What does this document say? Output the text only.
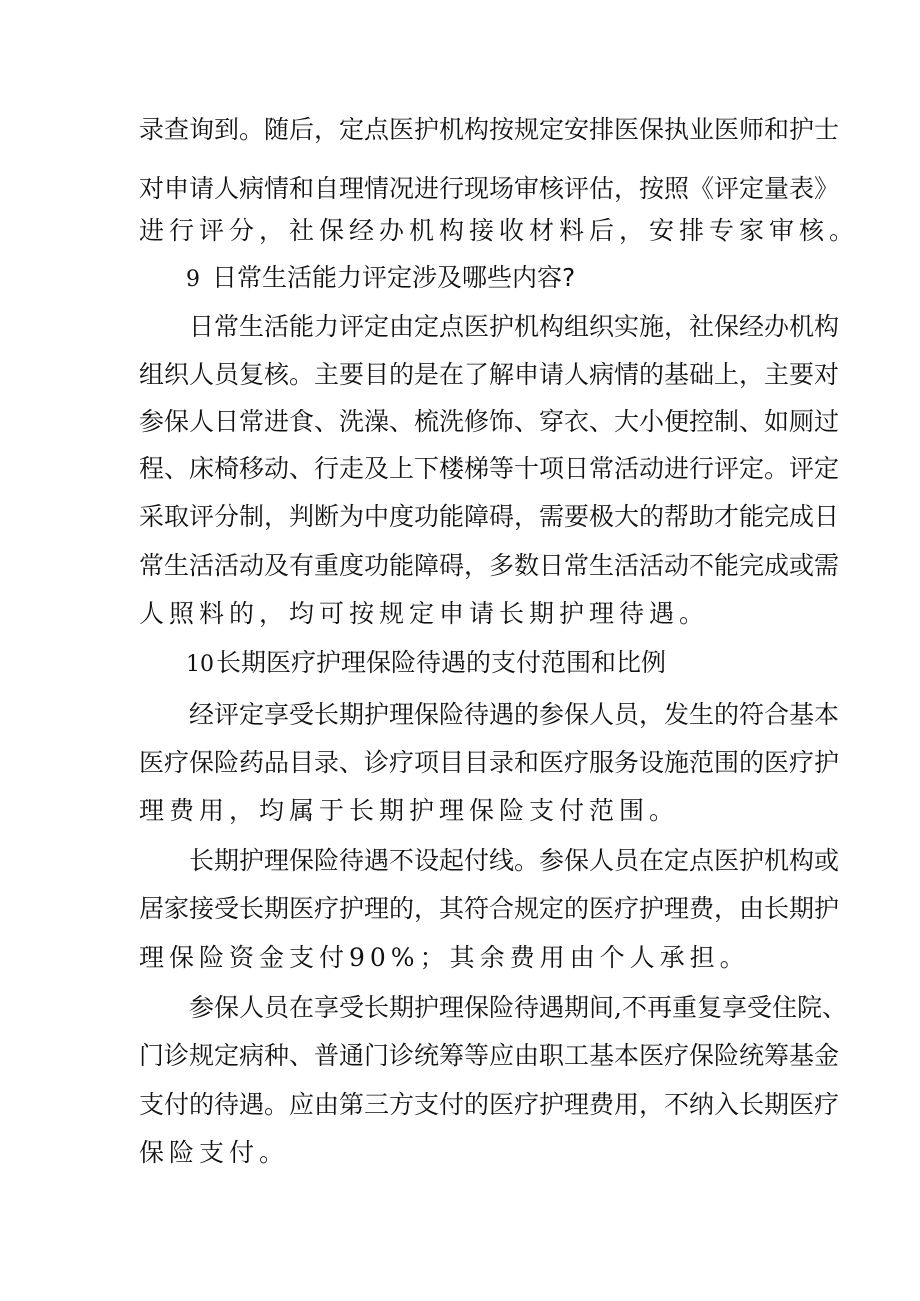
录查询到。随后，定点医护机构按规定安排医保执业医师和护士
对申请人病情和自理情况进行现场审核评估，按照《评定量表》
进行评分，社保经办机构接收材料后，安排专家审核。
9 日常生活能力评定涉及哪些内容?
日常生活能力评定由定点医护机构组织实施，社保经办机构
组织人员复核。主要目的是在了解申请人病情的基础上，主要对
参保人日常进食、洗澡、梳洗修饰、穿衣、大小便控制、如厕过
程、床椅移动、行走及上下楼梯等十项日常活动进行评定。评定
采取评分制，判断为中度功能障碍，需要极大的帮助才能完成日
常生活活动及有重度功能障碍，多数日常生活活动不能完成或需
人照料的，均可按规定申请长期护理待遇。
10长期医疗护理保险待遇的支付范围和比例
经评定享受长期护理保险待遇的参保人员，发生的符合基本
医疗保险药品目录、诊疗项目目录和医疗服务设施范围的医疗护
理费用，均属于长期护理保险支付范围。
长期护理保险待遇不设起付线。参保人员在定点医护机构或
居家接受长期医疗护理的，其符合规定的医疗护理费，由长期护
理保险资金支付90%；其余费用由个人承担。
参保人员在享受长期护理保险待遇期间,不再重复享受住院、
门诊规定病种、普通门诊统筹等应由职工基本医疗保险统筹基金
支付的待遇。应由第三方支付的医疗护理费用，不纳入长期医疗
保险支付。
